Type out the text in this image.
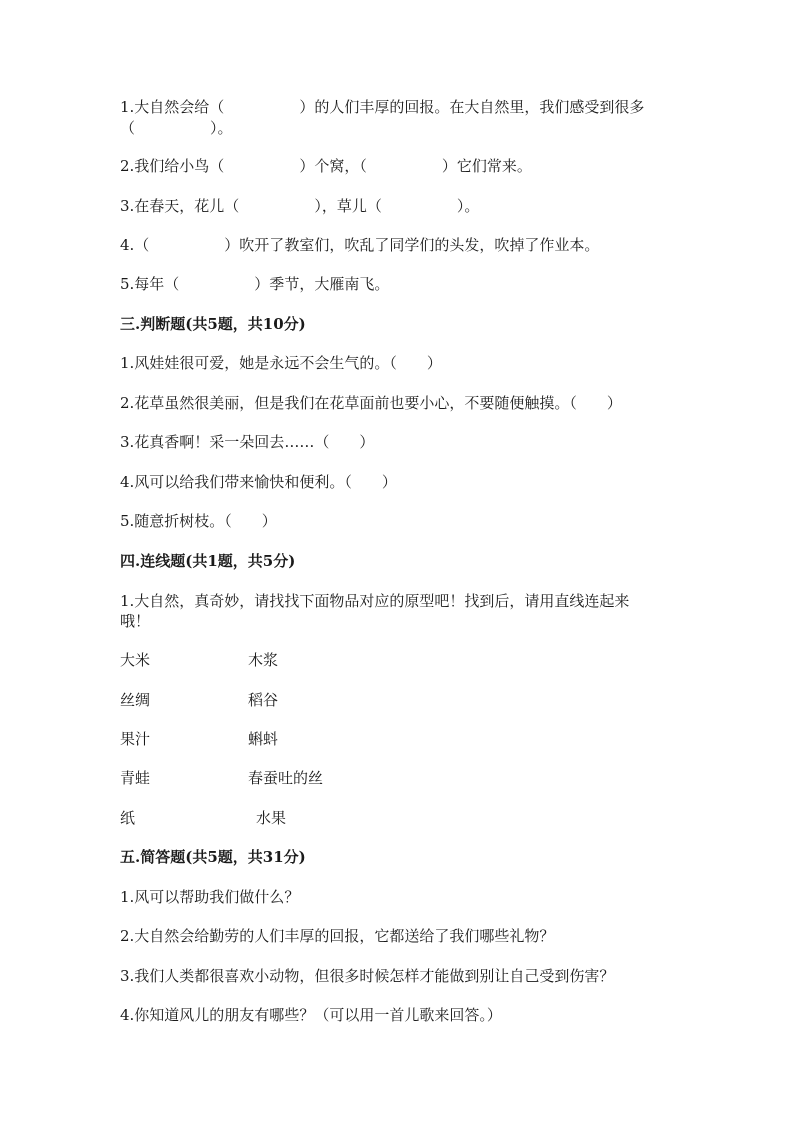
1.大自然会给（　　　　　）的人们丰厚的回报。在大自然里，我们感受到很多
（　　　　　）。
2.我们给小鸟（　　　　　）个窝，（　　　　　）它们常来。
3.在春天，花儿（　　　　　），草儿（　　　　　）。
4.（　　　　　）吹开了教室们，吹乱了同学们的头发，吹掉了作业本。
5.每年（　　　　　）季节，大雁南飞。
三.判断题(共5题，共10分)
1.风娃娃很可爱，她是永远不会生气的。（　　）
2.花草虽然很美丽，但是我们在花草面前也要小心，不要随便触摸。（　　）
3.花真香啊！采一朵回去……（　　）
4.风可以给我们带来愉快和便利。（　　）
5.随意折树枝。（　　）
四.连线题(共1题，共5分)
1.大自然，真奇妙，请找找下面物品对应的原型吧！找到后，请用直线连起来
哦！
大米	木浆
丝绸	稻谷
果汁	蝌蚪
青蛙	春蚕吐的丝
纸	水果
五.简答题(共5题，共31分)
1.风可以帮助我们做什么？
2.大自然会给勤劳的人们丰厚的回报，它都送给了我们哪些礼物？
3.我们人类都很喜欢小动物，但很多时候怎样才能做到别让自己受到伤害？
4.你知道风儿的朋友有哪些？（可以用一首儿歌来回答。）
